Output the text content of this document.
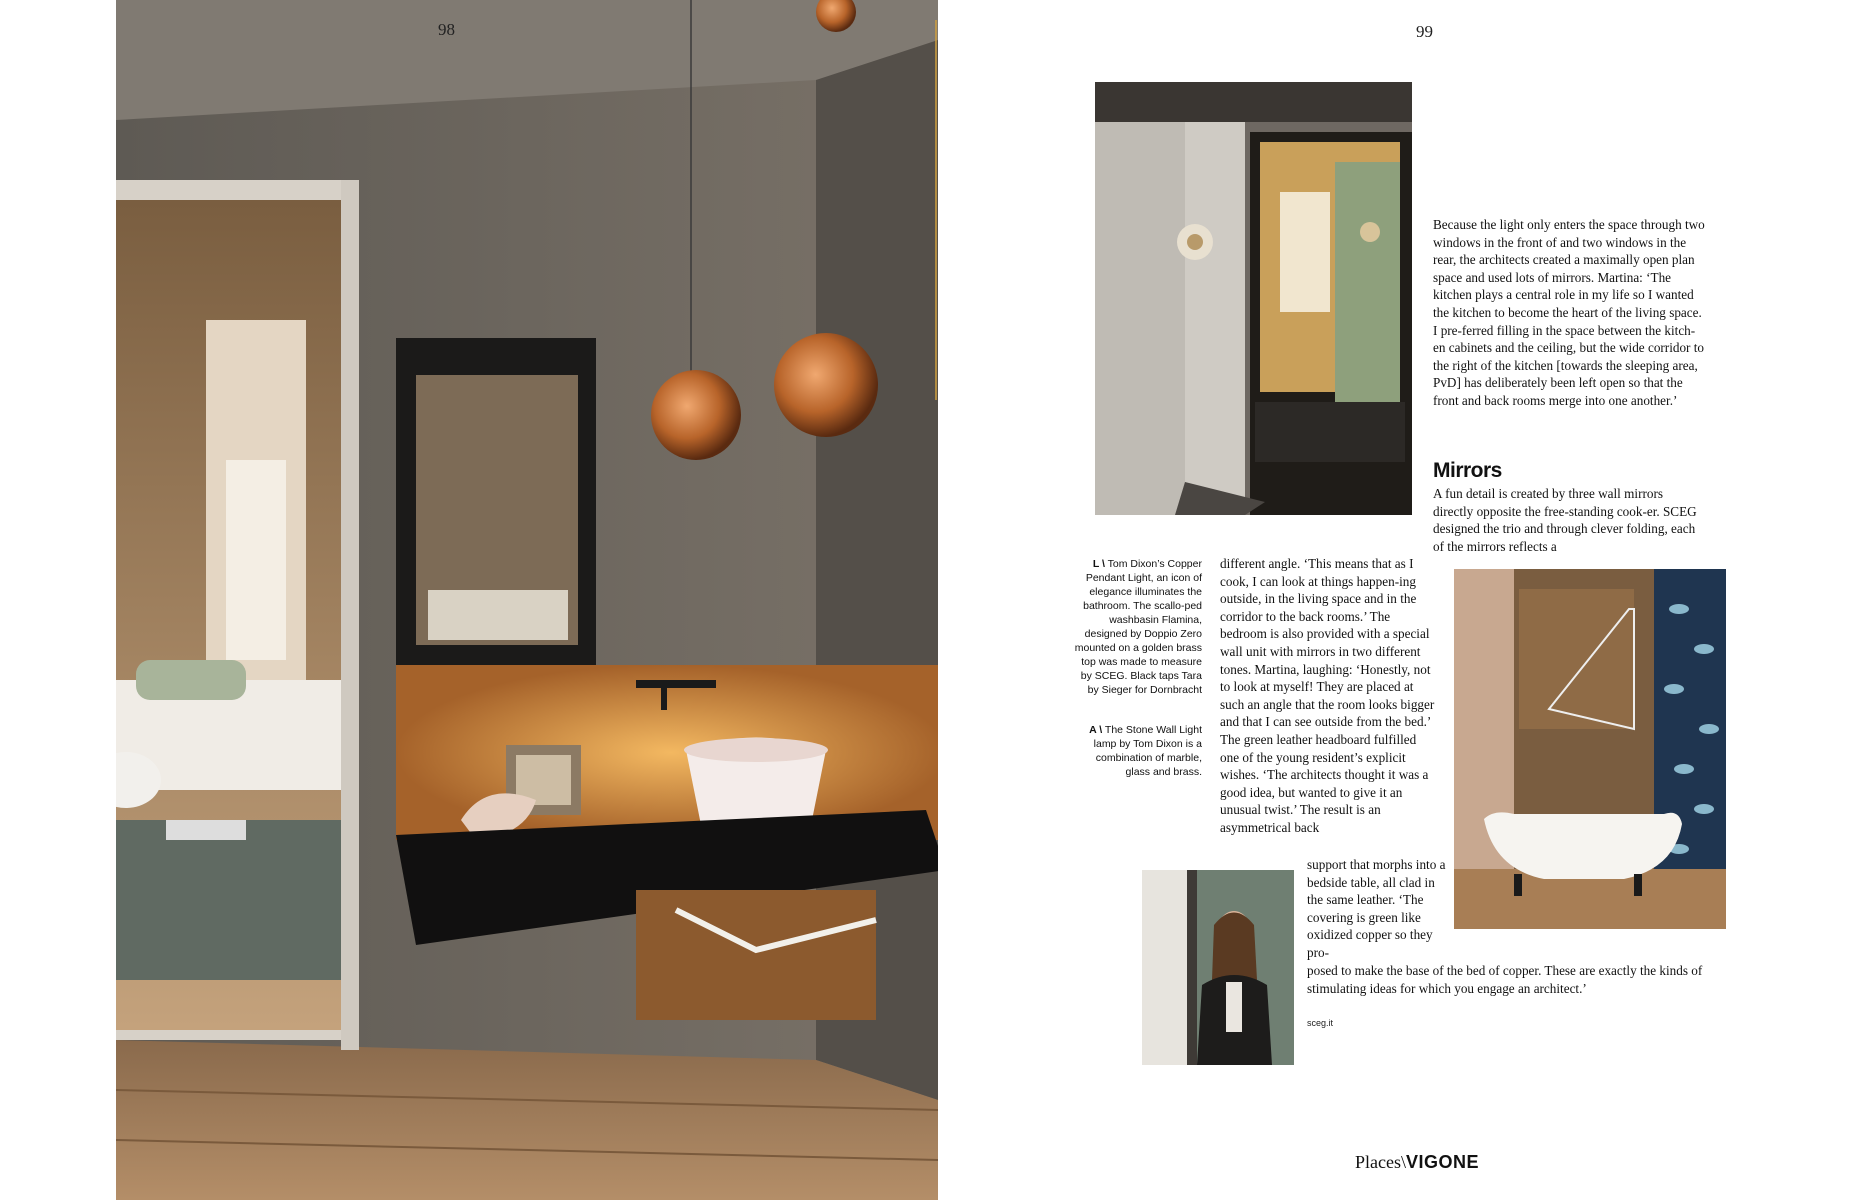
98	99

Because the light only enters the space through two windows in the front of and two windows in the rear, the architects created a maximally open plan space and used lots of mirrors. Martina: ‘The kitchen plays a central role in my life so I wanted the kitchen to become the heart of the living space. I pre-ferred filling in the space between the kitch-en cabinets and the ceiling, but the wide corridor to the right of the kitchen [towards the sleeping area, PvD] has deliberately been left open so that the front and back rooms merge into one another.’

Mirrors

A fun detail is created by three wall mirrors directly opposite the free-standing cook-er. SCEG designed the trio and through clever folding, each of the mirrors reflects a

different angle. ‘This means that as I cook, I can look at things happen-ing outside, in the living space and in the corridor to the back rooms.’ The bedroom is also provided with a special wall unit with mirrors in two different tones. Martina, laughing: ‘Honestly, not to look at myself! They are placed at such an angle that the room looks bigger and that I can see outside from the bed.’ The green leather headboard fulfilled one of the young resident’s explicit wishes. ‘The architects thought it was a good idea, but wanted to give it an unusual twist.’ The result is an asymmetrical back

support that morphs into a bedside table, all clad in the same leather. ‘The covering is green like oxidized copper so they pro-

posed to make the base of the bed of copper. These are exactly the kinds of stimulating ideas for which you engage an architect.’

sceg.it

L \ Tom Dixon’s Copper Pendant Light, an icon of elegance illuminates the bathroom. The scallo-ped washbasin Flamina, designed by Doppio Zero mounted on a golden brass top was made to measure by SCEG. Black taps Tara by Sieger for Dornbracht

A \ The Stone Wall Light lamp by Tom Dixon is a combination of marble, glass and brass.

Places\VIGONE
